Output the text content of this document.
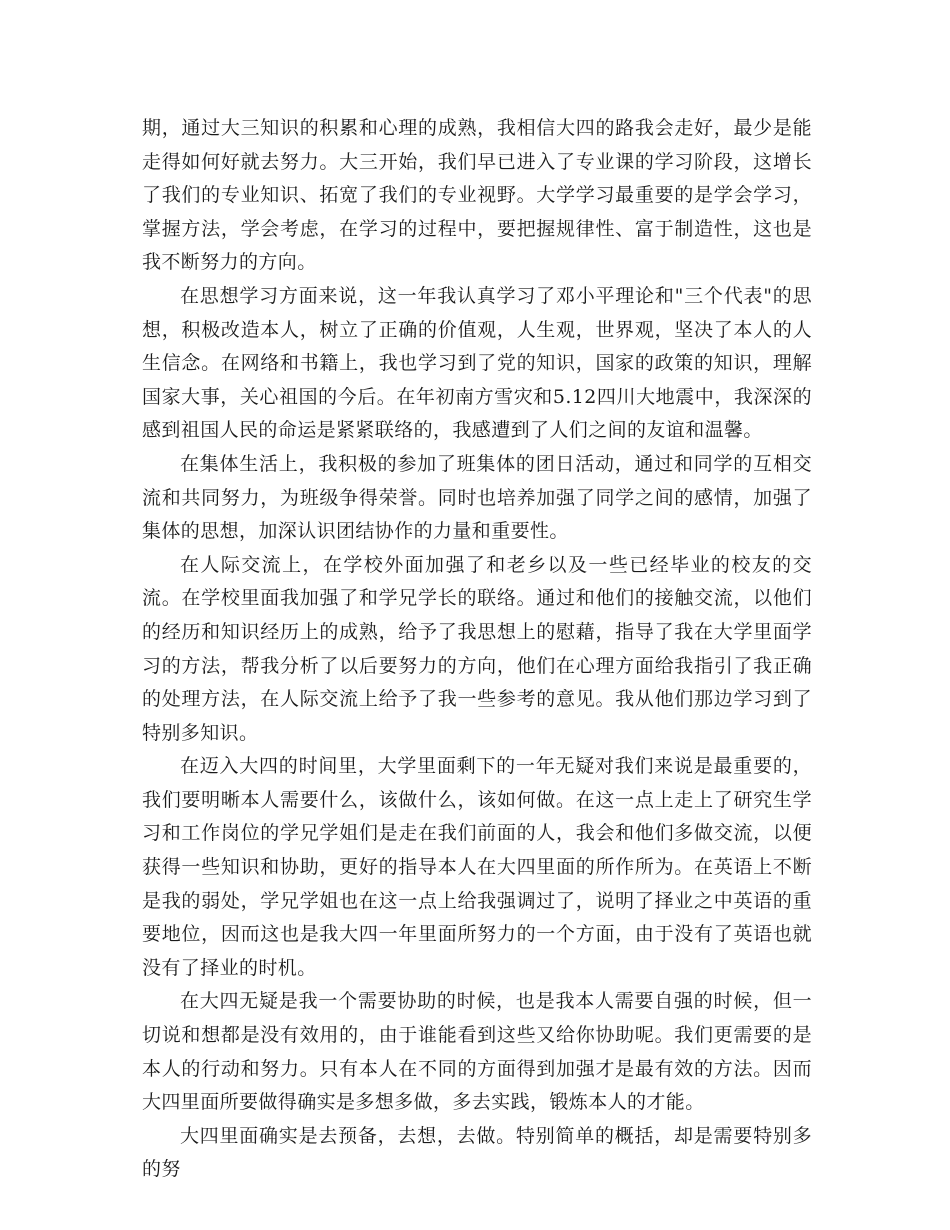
期，通过大三知识的积累和心理的成熟，我相信大四的路我会走好，最少是能走得如何好就去努力。大三开始，我们早已进入了专业课的学习阶段，这增长了我们的专业知识、拓宽了我们的专业视野。大学学习最重要的是学会学习，掌握方法，学会考虑，在学习的过程中，要把握规律性、富于制造性，这也是我不断努力的方向。

在思想学习方面来说，这一年我认真学习了邓小平理论和"三个代表"的思想，积极改造本人，树立了正确的价值观，人生观，世界观，坚决了本人的人生信念。在网络和书籍上，我也学习到了党的知识，国家的政策的知识，理解国家大事，关心祖国的今后。在年初南方雪灾和5.12四川大地震中，我深深的感到祖国人民的命运是紧紧联络的，我感遭到了人们之间的友谊和温馨。

在集体生活上，我积极的参加了班集体的团日活动，通过和同学的互相交流和共同努力，为班级争得荣誉。同时也培养加强了同学之间的感情，加强了集体的思想，加深认识团结协作的力量和重要性。

在人际交流上，在学校外面加强了和老乡以及一些已经毕业的校友的交流。在学校里面我加强了和学兄学长的联络。通过和他们的接触交流，以他们的经历和知识经历上的成熟，给予了我思想上的慰藉，指导了我在大学里面学习的方法，帮我分析了以后要努力的方向，他们在心理方面给我指引了我正确的处理方法，在人际交流上给予了我一些参考的意见。我从他们那边学习到了特别多知识。

在迈入大四的时间里，大学里面剩下的一年无疑对我们来说是最重要的，我们要明晰本人需要什么，该做什么，该如何做。在这一点上走上了研究生学习和工作岗位的学兄学姐们是走在我们前面的人，我会和他们多做交流，以便获得一些知识和协助，更好的指导本人在大四里面的所作所为。在英语上不断是我的弱处，学兄学姐也在这一点上给我强调过了，说明了择业之中英语的重要地位，因而这也是我大四一年里面所努力的一个方面，由于没有了英语也就没有了择业的时机。

在大四无疑是我一个需要协助的时候，也是我本人需要自强的时候，但一切说和想都是没有效用的，由于谁能看到这些又给你协助呢。我们更需要的是本人的行动和努力。只有本人在不同的方面得到加强才是最有效的方法。因而大四里面所要做得确实是多想多做，多去实践，锻炼本人的才能。

大四里面确实是去预备，去想，去做。特别简单的概括，却是需要特别多的努
